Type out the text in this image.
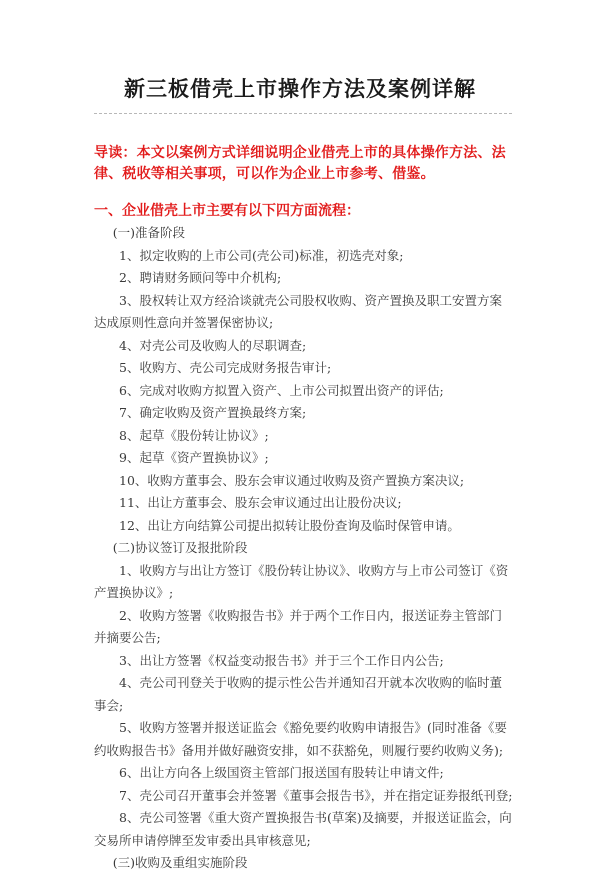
新三板借壳上市操作方法及案例详解
导读：本文以案例方式详细说明企业借壳上市的具体操作方法、法律、税收等相关事项，可以作为企业上市参考、借鉴。
一、企业借壳上市主要有以下四方面流程：

(一)准备阶段

1、拟定收购的上市公司(壳公司)标准，初选壳对象;

2、聘请财务顾问等中介机构;

3、股权转让双方经洽谈就壳公司股权收购、资产置换及职工安置方案达成原则性意向并签署保密协议;

4、对壳公司及收购人的尽职调查;

5、收购方、壳公司完成财务报告审计;

6、完成对收购方拟置入资产、上市公司拟置出资产的评估;

7、确定收购及资产置换最终方案;

8、起草《股份转让协议》;

9、起草《资产置换协议》;

10、收购方董事会、股东会审议通过收购及资产置换方案决议;

11、出让方董事会、股东会审议通过出让股份决议;

12、出让方向结算公司提出拟转让股份查询及临时保管申请。

(二)协议签订及报批阶段

1、收购方与出让方签订《股份转让协议》、收购方与上市公司签订《资产置换协议》;

2、收购方签署《收购报告书》并于两个工作日内，报送证券主管部门并摘要公告;

3、出让方签署《权益变动报告书》并于三个工作日内公告;

4、壳公司刊登关于收购的提示性公告并通知召开就本次收购的临时董事会;

5、收购方签署并报送证监会《豁免要约收购申请报告》(同时准备《要约收购报告书》备用并做好融资安排，如不获豁免，则履行要约收购义务);

6、出让方向各上级国资主管部门报送国有股转让申请文件;

7、壳公司召开董事会并签署《董事会报告书》，并在指定证券报纸刊登;

8、壳公司签署《重大资产置换报告书(草案)及摘要，并报送证监会，向交易所申请停牌至发审委出具审核意见;

(三)收购及重组实施阶段
